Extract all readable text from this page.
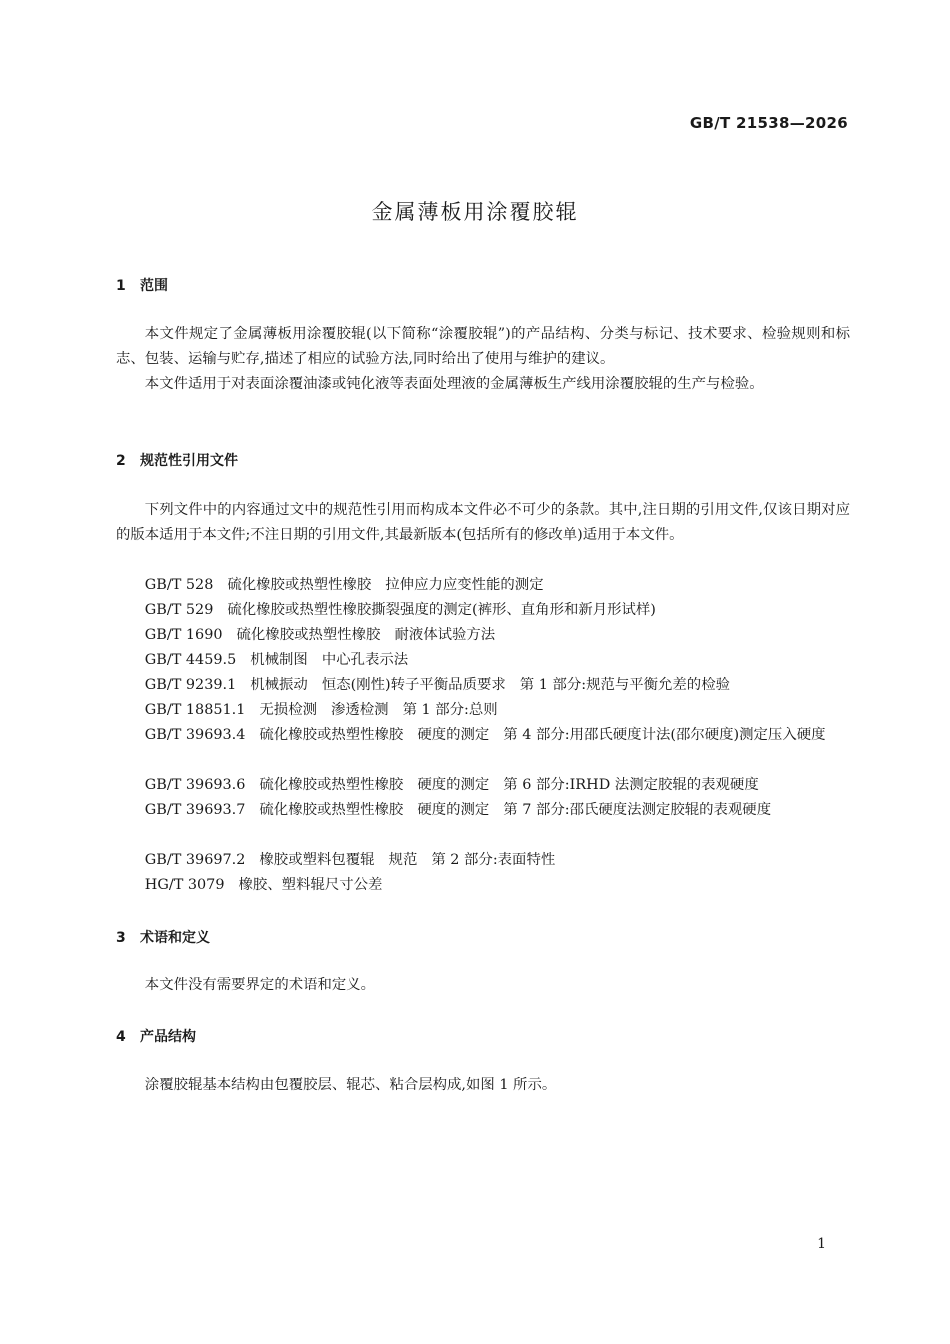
GB/T 21538—2026
金属薄板用涂覆胶辊
1 范围
本文件规定了金属薄板用涂覆胶辊(以下简称“涂覆胶辊”)的产品结构、分类与标记、技术要求、检验规则和标志、包装、运输与贮存,描述了相应的试验方法,同时给出了使用与维护的建议。
本文件适用于对表面涂覆油漆或钝化液等表面处理液的金属薄板生产线用涂覆胶辊的生产与检验。
2 规范性引用文件
下列文件中的内容通过文中的规范性引用而构成本文件必不可少的条款。其中,注日期的引用文件,仅该日期对应的版本适用于本文件;不注日期的引用文件,其最新版本(包括所有的修改单)适用于本文件。
GB/T 528 硫化橡胶或热塑性橡胶 拉伸应力应变性能的测定
GB/T 529 硫化橡胶或热塑性橡胶撕裂强度的测定(裤形、直角形和新月形试样)
GB/T 1690 硫化橡胶或热塑性橡胶 耐液体试验方法
GB/T 4459.5 机械制图 中心孔表示法
GB/T 9239.1 机械振动 恒态(刚性)转子平衡品质要求 第 1 部分:规范与平衡允差的检验
GB/T 18851.1 无损检测 渗透检测 第 1 部分:总则
GB/T 39693.4 硫化橡胶或热塑性橡胶 硬度的测定 第 4 部分:用邵氏硬度计法(邵尔硬度)测定压入硬度
GB/T 39693.6 硫化橡胶或热塑性橡胶 硬度的测定 第 6 部分:IRHD 法测定胶辊的表观硬度
GB/T 39693.7 硫化橡胶或热塑性橡胶 硬度的测定 第 7 部分:邵氏硬度法测定胶辊的表观硬度
GB/T 39697.2 橡胶或塑料包覆辊 规范 第 2 部分:表面特性
HG/T 3079 橡胶、塑料辊尺寸公差
3 术语和定义
本文件没有需要界定的术语和定义。
4 产品结构
涂覆胶辊基本结构由包覆胶层、辊芯、粘合层构成,如图 1 所示。
1
